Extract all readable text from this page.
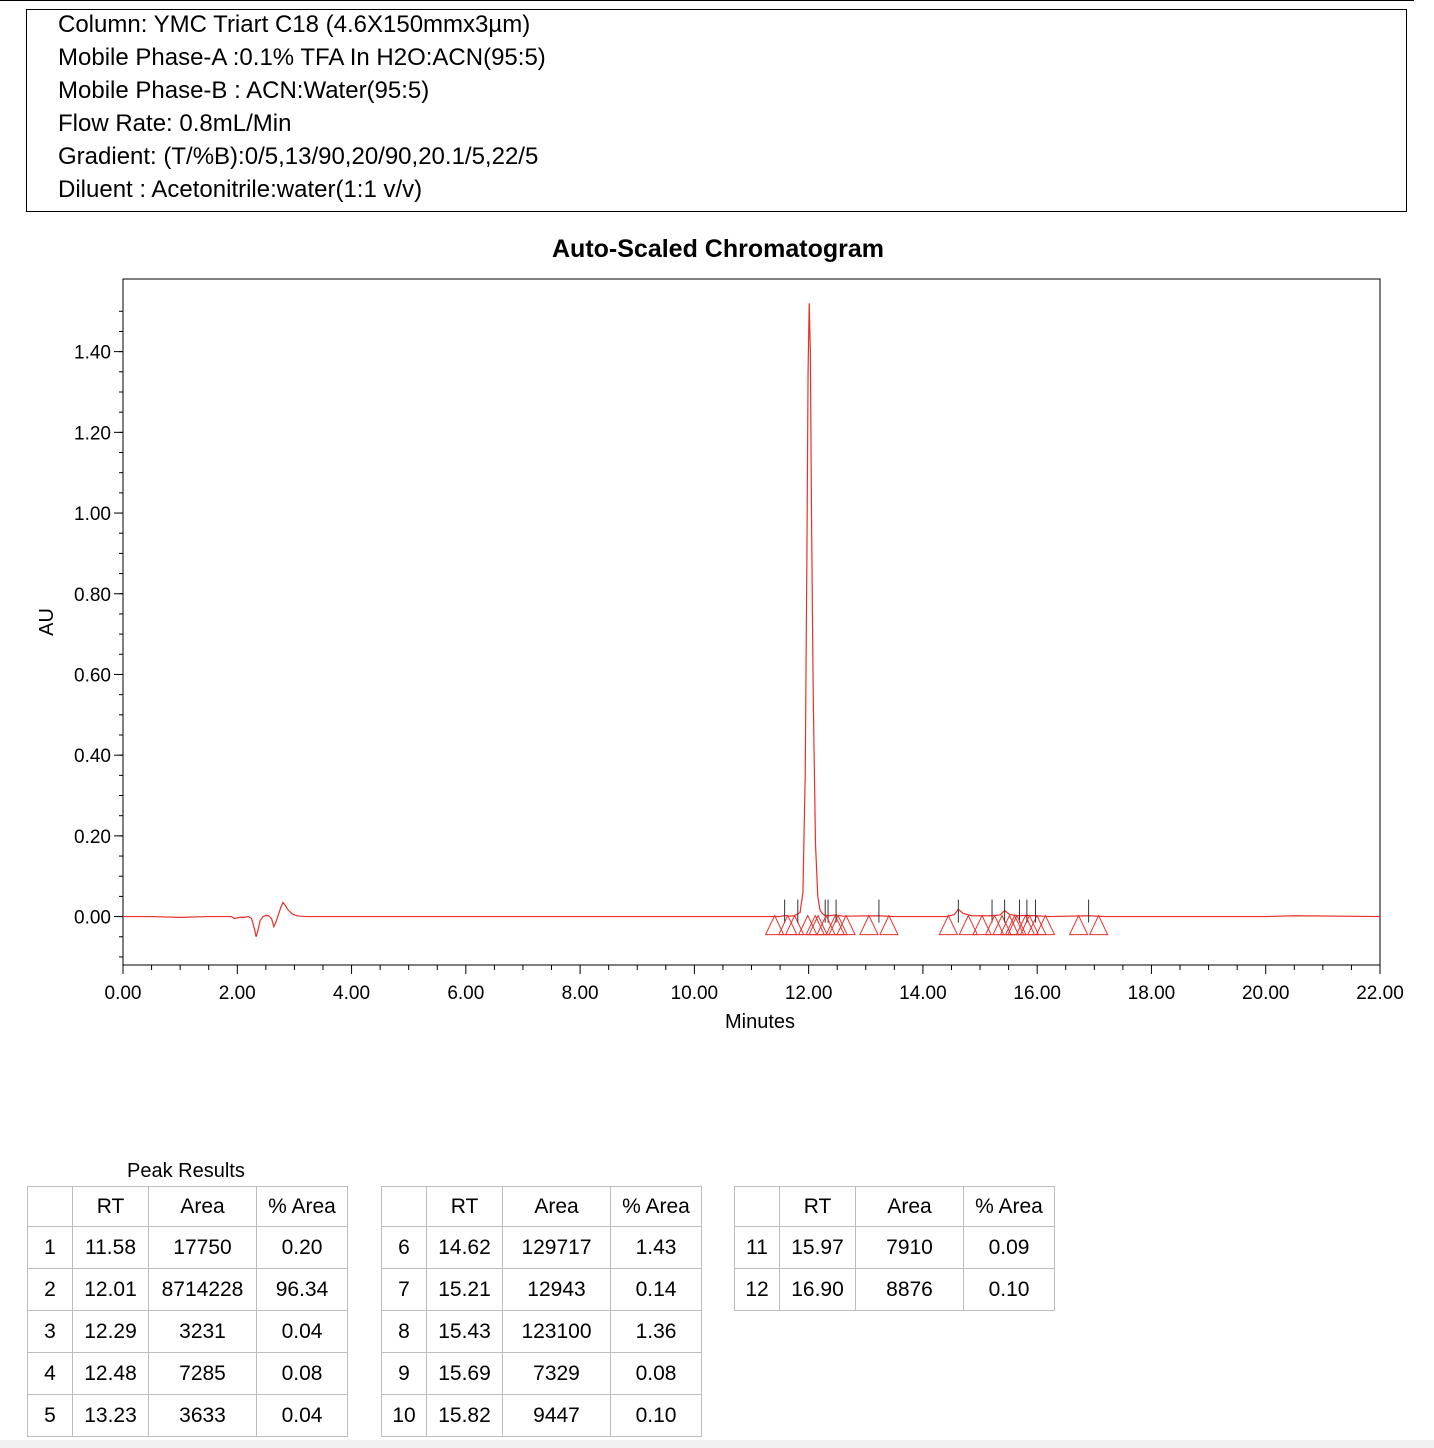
Column: YMC Triart C18 (4.6X150mmx3µm)
Mobile Phase-A :0.1% TFA In H2O:ACN(95:5)
Mobile Phase-B : ACN:Water(95:5)
Flow Rate: 0.8mL/Min
Gradient: (T/%B):0/5,13/90,20/90,20.1/5,22/5
Diluent : Acetonitrile:water(1:1 v/v)
Auto-Scaled Chromatogram
0.00
0.20
0.40
0.60
0.80
1.00
1.20
1.40
0.00	2.00	4.00	6.00	8.00	10.00	12.00	14.00	16.00	18.00	20.00	22.00
Minutes
AU
Peak Results
	RT	Area	% Area
1	11.58	17750	0.20
2	12.01	8714228	96.34
3	12.29	3231	0.04
4	12.48	7285	0.08
5	13.23	3633	0.04
	RT	Area	% Area
6	14.62	129717	1.43
7	15.21	12943	0.14
8	15.43	123100	1.36
9	15.69	7329	0.08
10	15.82	9447	0.10
	RT	Area	% Area
11	15.97	7910	0.09
12	16.90	8876	0.10
